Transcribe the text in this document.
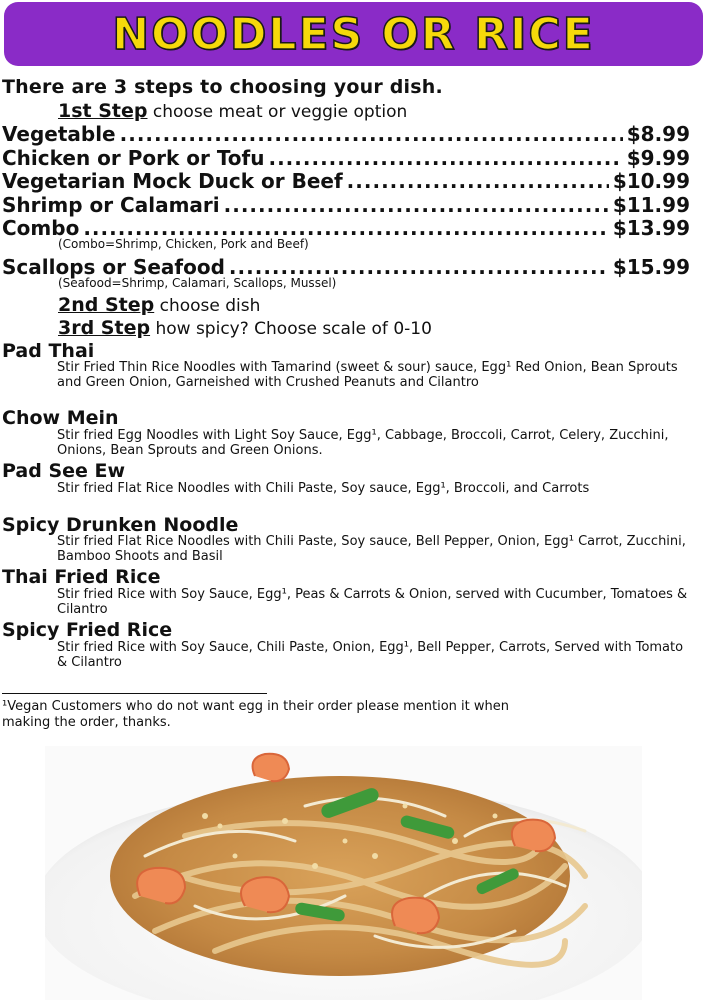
NOODLES OR RICE
There are 3 steps to choosing your dish.
1st Step choose meat or veggie option
Vegetable .....	$8.99
Chicken or Pork or Tofu .....	$9.99
Vegetarian Mock Duck or Beef .....	$10.99
Shrimp or Calamari .....	$11.99
Combo .....	$13.99
(Combo=Shrimp, Chicken, Pork and Beef)
Scallops or Seafood .....	$15.99
(Seafood=Shrimp, Calamari, Scallops, Mussel)
2nd Step choose dish
3rd Step how spicy? Choose scale of 0-10
Pad Thai
Stir Fried Thin Rice Noodles with Tamarind (sweet & sour) sauce, Egg¹ Red Onion, Bean Sprouts and Green Onion, Garneished with Crushed Peanuts and Cilantro
Chow Mein
Stir fried Egg Noodles with Light Soy Sauce, Egg¹, Cabbage, Broccoli, Carrot, Celery, Zucchini, Onions, Bean Sprouts and Green Onions.
Pad See Ew
Stir fried Flat Rice Noodles with Chili Paste, Soy sauce, Egg¹, Broccoli, and Carrots
Spicy Drunken Noodle
Stir fried Flat Rice Noodles with Chili Paste, Soy sauce, Bell Pepper, Onion, Egg¹ Carrot, Zucchini, Bamboo Shoots and Basil
Thai Fried Rice
Stir fried Rice with Soy Sauce, Egg¹, Peas & Carrots & Onion, served with Cucumber, Tomatoes & Cilantro
Spicy Fried Rice
Stir fried Rice with Soy Sauce, Chili Paste, Onion, Egg¹, Bell Pepper, Carrots, Served with Tomato & Cilantro
¹Vegan Customers who do not want egg in their order please mention it when making the order, thanks.
